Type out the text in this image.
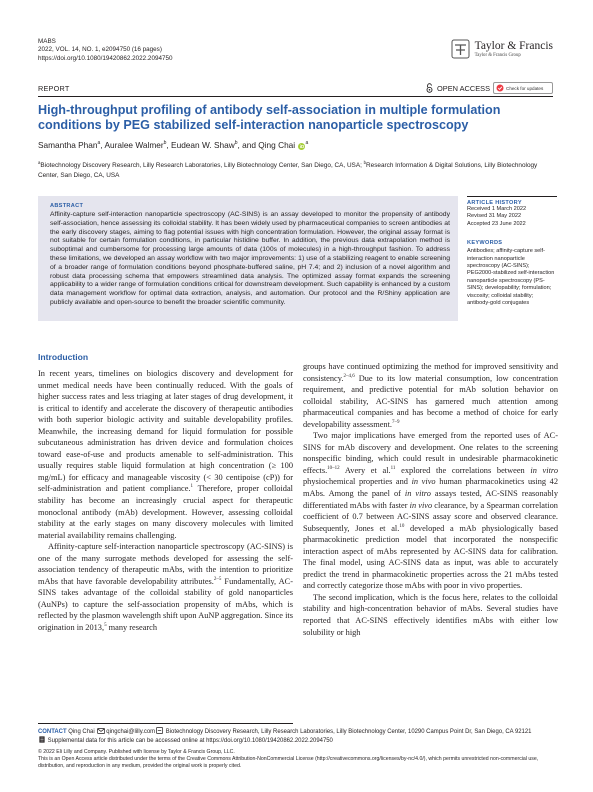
MABS
2022, VOL. 14, NO. 1, e2094750 (16 pages)
https://doi.org/10.1080/19420862.2022.2094750
Taylor & Francis
Taylor & Francis Group
REPORT	OPEN ACCESS	Check for updates
High-throughput profiling of antibody self-association in multiple formulation conditions by PEG stabilized self-interaction nanoparticle spectroscopy
Samantha Phan$^a$, Auralee Walmer$^b$, Eudean W. Shaw$^b$, and Qing Chai $iD^a$
$^a$Biotechnology Discovery Research, Lilly Research Laboratories, Lilly Biotechnology Center, San Diego, CA, USA; $^b$Research Information & Digital Solutions, Lilly Biotechnology Center, San Diego, CA, USA
ABSTRACT

Affinity-capture self-interaction nanoparticle spectroscopy (AC-SINS) is an assay developed to monitor the propensity of antibody self-association, hence assessing its colloidal stability. It has been widely used by pharmaceutical companies to screen antibodies at the early discovery stages, aiming to flag potential issues with high concentration formulation. However, the original assay format is not suitable for certain formulation conditions, in particular histidine buffer. In addition, the previous data extrapolation method is suboptimal and cumbersome for processing large amounts of data (100s of molecules) in a high-throughput fashion. To address these limitations, we developed an assay workflow with two major improvements: 1) use of a stabilizing reagent to enable screening of a broader range of formulation conditions beyond phosphate-buffered saline, pH 7.4; and 2) inclusion of a novel algorithm and robust data processing schema that empowers streamlined data analysis. The optimized assay format expands the screening applicability to a wider range of formulation conditions critical for downstream development. Such capability is enhanced by a custom data management workflow for optimal data extraction, analysis, and automation. Our protocol and the R/Shiny application are publicly available and open-source to benefit the broader scientific community.

ARTICLE HISTORY
Received 1 March 2022
Revised 31 May 2022
Accepted 23 June 2022
KEYWORDS
Antibodies; affinity-capture self-interaction nanoparticle spectroscopy (AC-SINS); PEG2000-stabilized self-interaction nanoparticle spectroscopy (PS-SINS); developability; formulation; viscosity; colloidal stability; antibody-gold conjugates
Introduction

In recent years, timelines on biologics discovery and development for unmet medical needs have been continually reduced. With the goals of higher success rates and less triaging at later stages of drug development, it is critical to identify and accelerate the discovery of therapeutic antibodies with both superior biologic activity and suitable developability profiles. Meanwhile, the increasing demand for liquid formulation for possible subcutaneous administration has driven device and formulation choices toward ease-of-use and products amenable to self-administration. This usually requires stable liquid formulation at high concentration (≥ 100 mg/mL) for efficacy and manageable viscosity (< 30 centipoise (cP)) for self-administration and patient compliance.$^1$ Therefore, proper colloidal stability has become an increasingly crucial aspect for therapeutic monoclonal antibody (mAb) development. However, assessing colloidal stability at the early stages on many discovery molecules with limited material availability remains challenging.

Affinity-capture self-interaction nanoparticle spectroscopy (AC-SINS) is one of the many surrogate methods developed for assessing the self-association tendency of therapeutic mAbs, with the intention to prioritize mAbs that have favorable developability attributes.$^{2-5}$ Fundamentally, AC-SINS takes advantage of the colloidal stability of gold nanoparticles (AuNPs) to capture the self-association propensity of mAbs, which is reflected by the plasmon wavelength shift upon AuNP aggregation. Since its origination in 2013,$^5$ many research

groups have continued optimizing the method for improved sensitivity and consistency.$^{2-4,6}$ Due to its low material consumption, low concentration requirement, and predictive potential for mAb solution behavior on colloidal stability, AC-SINS has garnered much attention among pharmaceutical companies and has become a method of choice for early developability assessment.$^{7-9}$

Two major implications have emerged from the reported uses of AC-SINS for mAb discovery and development. One relates to the screening nonspecific binding, which could result in undesirable pharmacokinetic effects.$^{10-12}$ Avery et al.$^{11}$ explored the correlations between in vitro physiochemical properties and in vivo human pharmacokinetics using 42 mAbs. Among the panel of in vitro assays tested, AC-SINS reasonably differentiated mAbs with faster in vivo clearance, by a Spearman correlation coefficient of 0.7 between AC-SINS assay score and observed clearance. Subsequently, Jones et al.$^{10}$ developed a mAb physiologically based pharmacokinetic prediction model that incorporated the nonspecific interaction aspect of mAbs represented by AC-SINS data for calibration. The final model, using AC-SINS data as input, was able to accurately predict the trend in pharmacokinetic properties across the 21 mAbs tested and correctly categorize those mAbs with poor in vivo properties.

The second implication, which is the focus here, relates to the colloidal stability and high-concentration behavior of mAbs. Several studies have reported that AC-SINS effectively identifies mAbs with either low solubility or high

CONTACT Qing Chai qingchai@lilly.com Biotechnology Discovery Research, Lilly Research Laboratories, Lilly Biotechnology Center, 10290 Campus Point Dr, San Diego, CA 92121
Supplemental data for this article can be accessed online at https://doi.org/10.1080/19420862.2022.2094750
© 2022 Eli Lilly and Company. Published with license by Taylor & Francis Group, LLC.
This is an Open Access article distributed under the terms of the Creative Commons Attribution-NonCommercial License (http://creativecommons.org/licenses/by-nc/4.0/), which permits unrestricted non-commercial use, distribution, and reproduction in any medium, provided the original work is properly cited.
